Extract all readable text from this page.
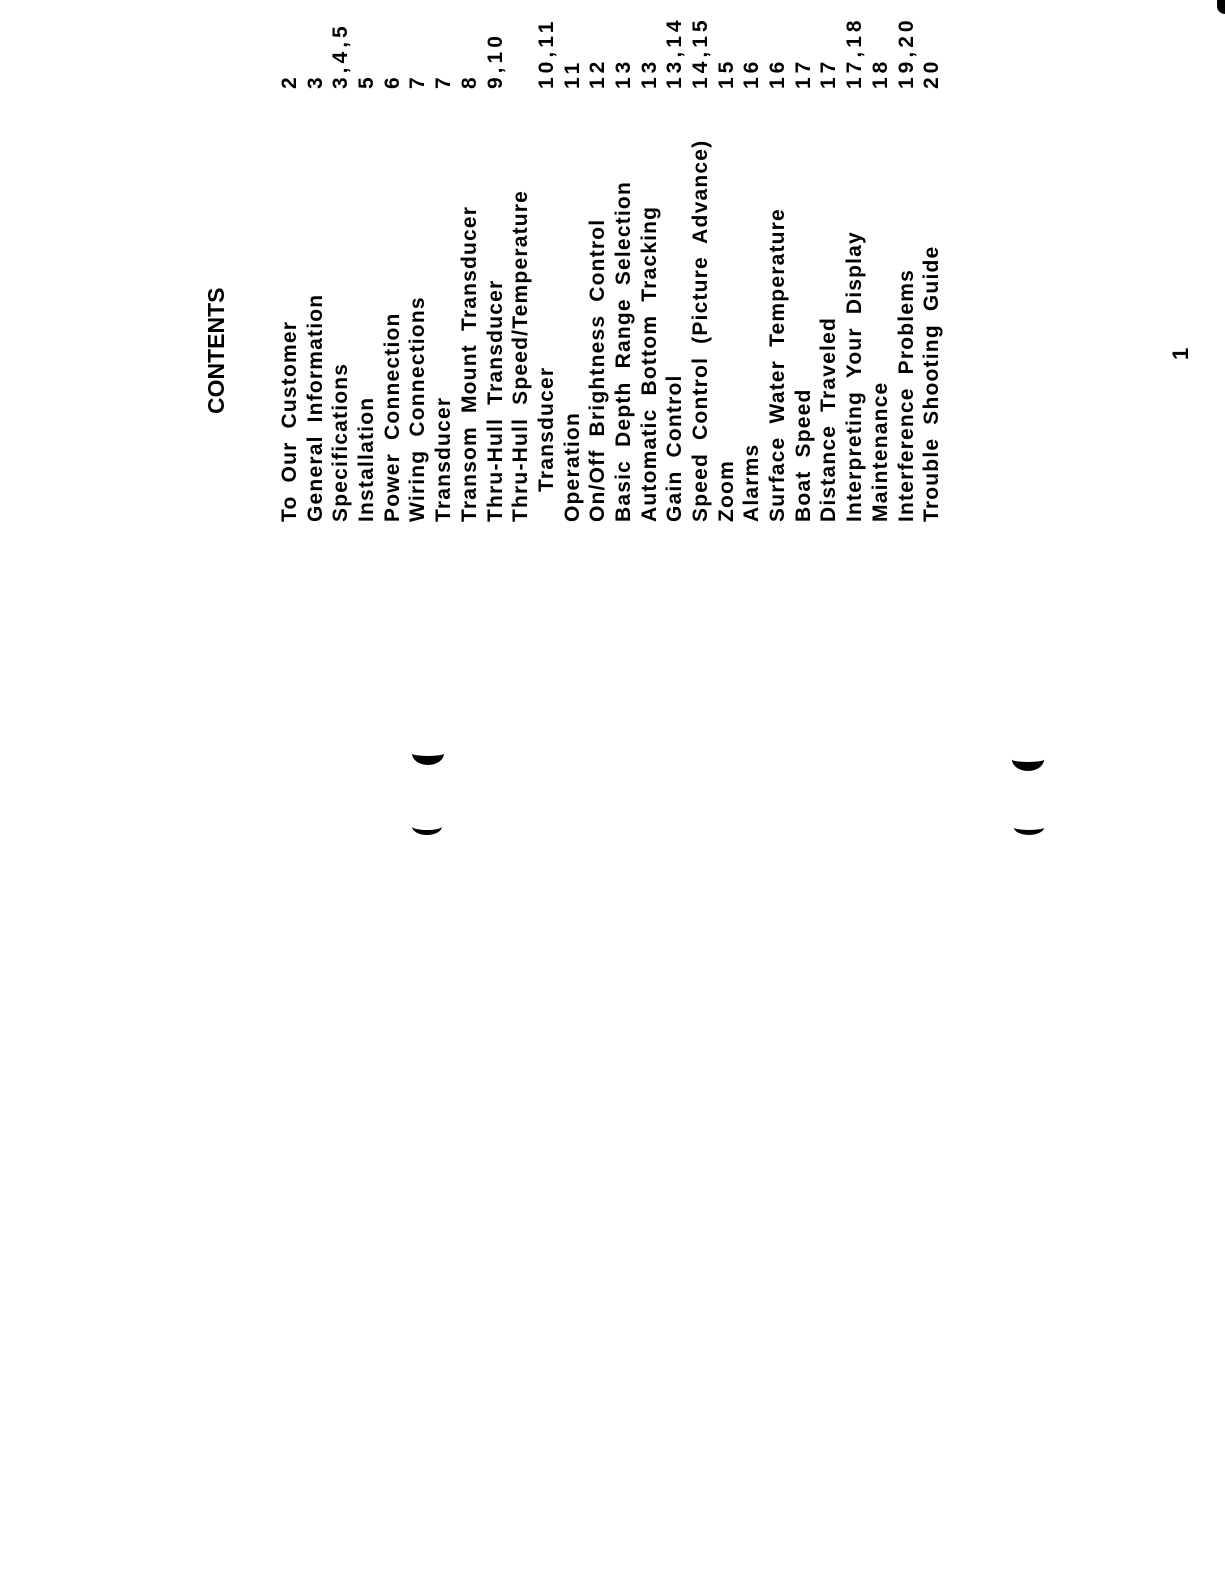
CONTENTS To Our Customer
2
General Information
3
Specifications
3,4,5
Installation
5
Power Connection
6
Wiring Connections
7
Transducer
7
Transom Mount Transducer
8
Thru-Hull Transducer
9,10
Thru-Hull Speed/Temperature Transducer
10,11
Operation
11
On/Off Brightness Control
12
Basic Depth Range Selection
13
Automatic Bottom Tracking
13
Gain Control
13,14
Speed Control (Picture Advance)
14,15
Zoom
15
Alarms
16
Surface Water Temperature
16
Boat Speed
17
Distance Traveled
17
Interpreting Your Display
17,18
Maintenance
18
Interference Problems
19,20
Trouble Shooting Guide
20
1
